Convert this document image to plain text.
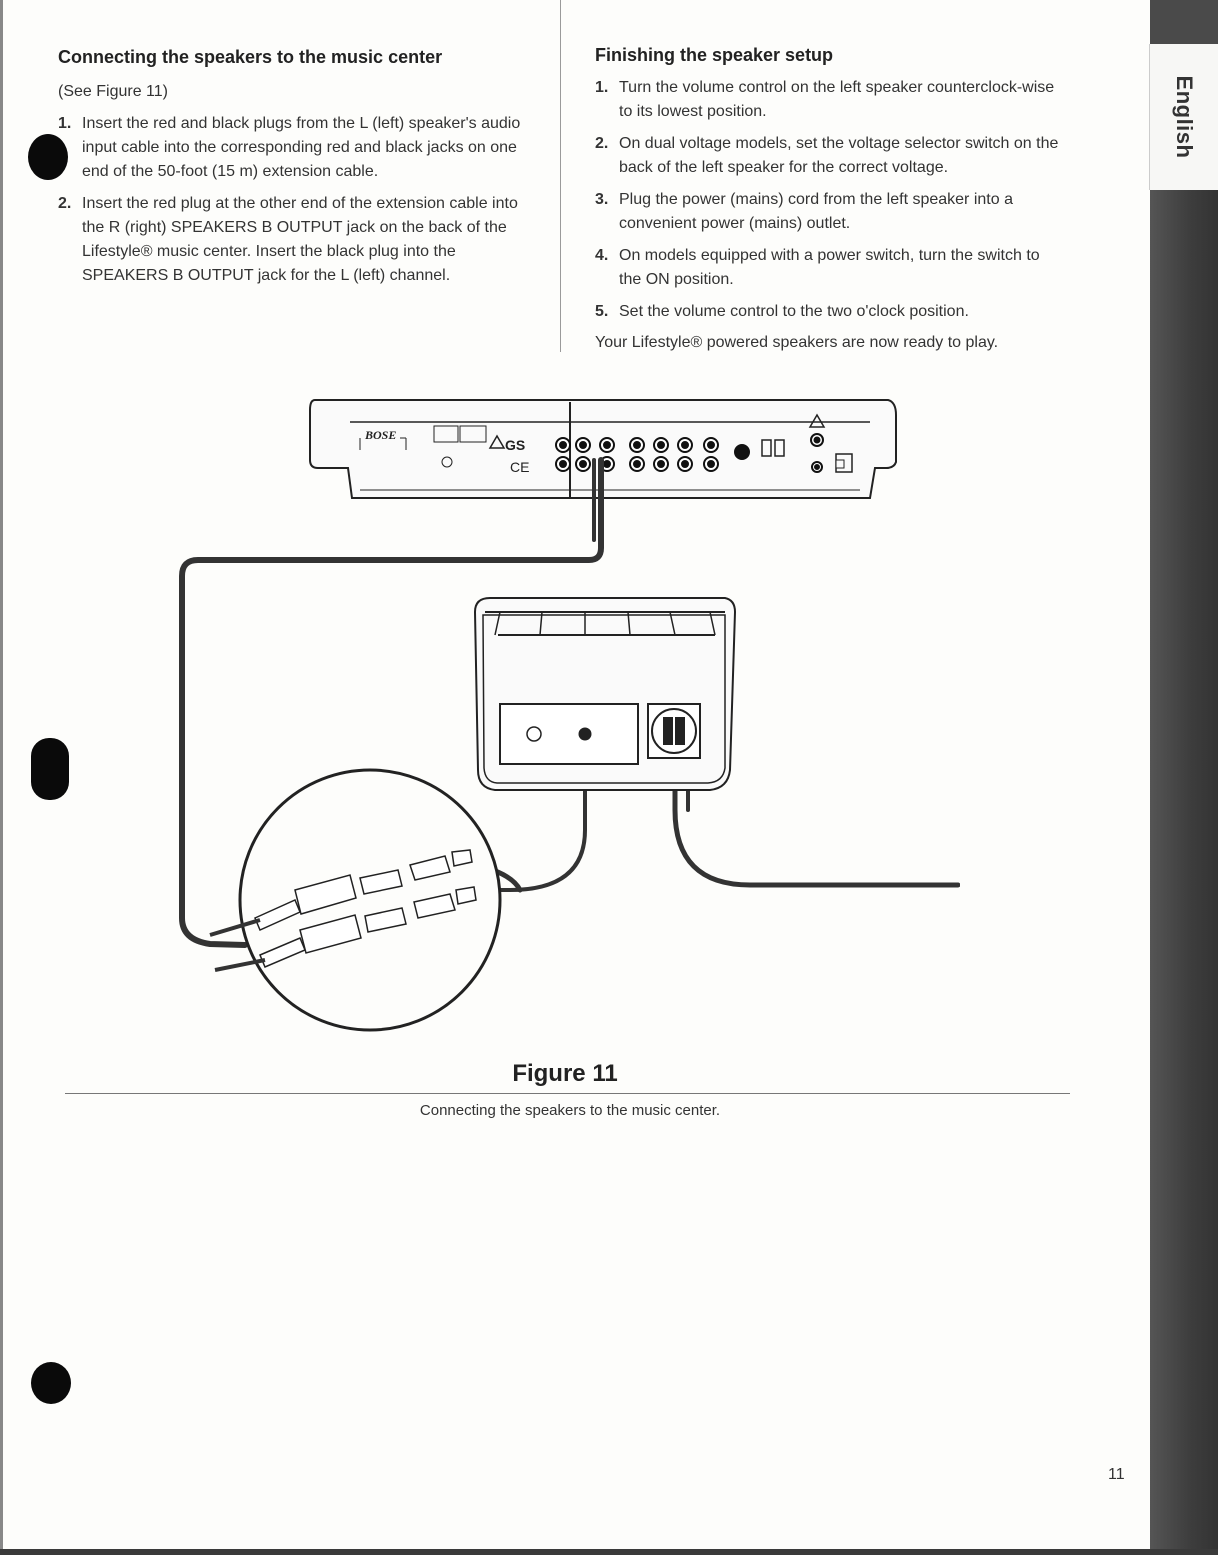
Connecting the speakers to the music center

(See Figure 11)

1. Insert the red and black plugs from the L (left) speaker's audio input cable into the corresponding red and black jacks on one end of the 50-foot (15 m) extension cable.
2. Insert the red plug at the other end of the extension cable into the R (right) SPEAKERS B OUTPUT jack on the back of the Lifestyle® music center. Insert the black plug into the SPEAKERS B OUTPUT jack for the L (left) channel.
Finishing the speaker setup
1. Turn the volume control on the left speaker counterclock-wise to its lowest position.
2. On dual voltage models, set the voltage selector switch on the back of the left speaker for the correct voltage.
3. Plug the power (mains) cord from the left speaker into a convenient power (mains) outlet.
4. On models equipped with a power switch, turn the switch to the ON position.
5. Set the volume control to the two o'clock position.

Your Lifestyle® powered speakers are now ready to play.

BOSE
CE
GS
Figure 11

Connecting the speakers to the music center.

English

11
